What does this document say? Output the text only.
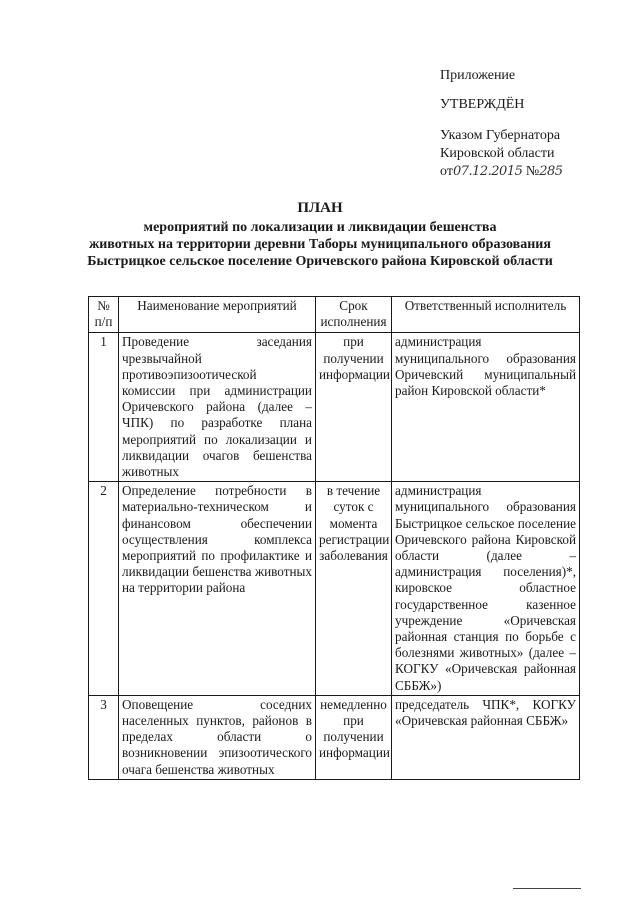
Приложение
УТВЕРЖДЁН
Указом Губернатора
Кировской области
от07.12.2015 №285
ПЛАН
мероприятий по локализации и ликвидации бешенства
животных на территории деревни Таборы муниципального образования
Быстрицкое сельское поселение Оричевского района Кировской области
№ п/п	Наименование мероприятий	Срок исполнения	Ответственный исполнитель
1	Проведение заседания чрезвычайной противоэпизоотической комиссии при администрации Оричевского района (далее – ЧПК) по разработке плана мероприятий по локализации и ликвидации очагов бешенства животных	при получении информации	администрация муниципального образования Оричевский муниципальный район Кировской области*
2	Определение потребности в материально-техническом и финансовом обеспечении осуществления комплекса мероприятий по профилактике и ликвидации бешенства животных на территории района	в течение суток с момента регистрации заболевания	администрация муниципального образования Быстрицкое сельское поселение Оричевского района Кировской области (далее – администрация поселения)*, кировское областное государственное казенное учреждение «Оричевская районная станция по борьбе с болезнями животных» (далее – КОГКУ «Оричевская районная СББЖ»)
3	Оповещение соседних населенных пунктов, районов в пределах области о возникновении эпизоотического очага бешенства животных	немедленно при получении информации	председатель ЧПК*, КОГКУ «Оричевская районная СББЖ»
